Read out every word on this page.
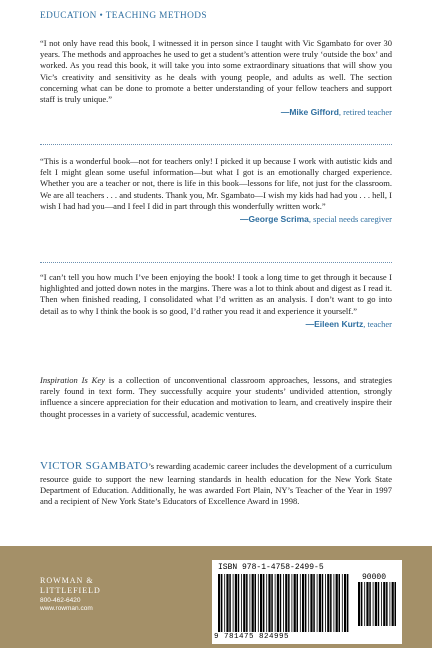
EDUCATION • TEACHING METHODS

“I not only have read this book, I witnessed it in person since I taught with Vic Sgambato for over 30 years. The methods and approaches he used to get a student’s attention were truly ‘outside the box’ and worked. As you read this book, it will take you into some extraordinary situations that will show you Vic’s creativity and sensitivity as he deals with young people, and adults as well. The section concerning what can be done to promote a better understanding of your fellow teachers and support staff is truly unique.”

—Mike Gifford, retired teacher

“This is a wonderful book—not for teachers only! I picked it up because I work with autistic kids and felt I might glean some useful information—but what I got is an emotionally charged experience. Whether you are a teacher or not, there is life in this book—lessons for life, not just for the classroom. We are all teachers . . . and students. Thank you, Mr. Sgambato—I wish my kids had had you . . . hell, I wish I had had you—and I feel I did in part through this wonderfully written work.”

—George Scrima, special needs caregiver

“I can’t tell you how much I’ve been enjoying the book! I took a long time to get through it because I highlighted and jotted down notes in the margins. There was a lot to think about and digest as I read it. Then when finished reading, I consolidated what I’d written as an analysis. I don’t want to go into detail as to why I think the book is so good, I’d rather you read it and experience it yourself.”

—Eileen Kurtz, teacher

Inspiration Is Key is a collection of unconventional classroom approaches, lessons, and strategies rarely found in text form. They successfully acquire your students’ undivided attention, strongly influence a sincere appreciation for their education and motivation to learn, and creatively inspire their thought processes in a variety of successful, academic ventures.

VICTOR SGAMBATO’s rewarding academic career includes the development of a curriculum resource guide to support the new learning standards in health education for the New York State Department of Education. Additionally, he was awarded Fort Plain, NY’s Teacher of the Year in 1997 and a recipient of New York State’s Educators of Excellence Award in 1998.
ROWMAN &
LITTLEFIELD
800-462-6420
www.rowman.com
ISBN 978-1-4758-2499-5
90000
9 781475 824995
